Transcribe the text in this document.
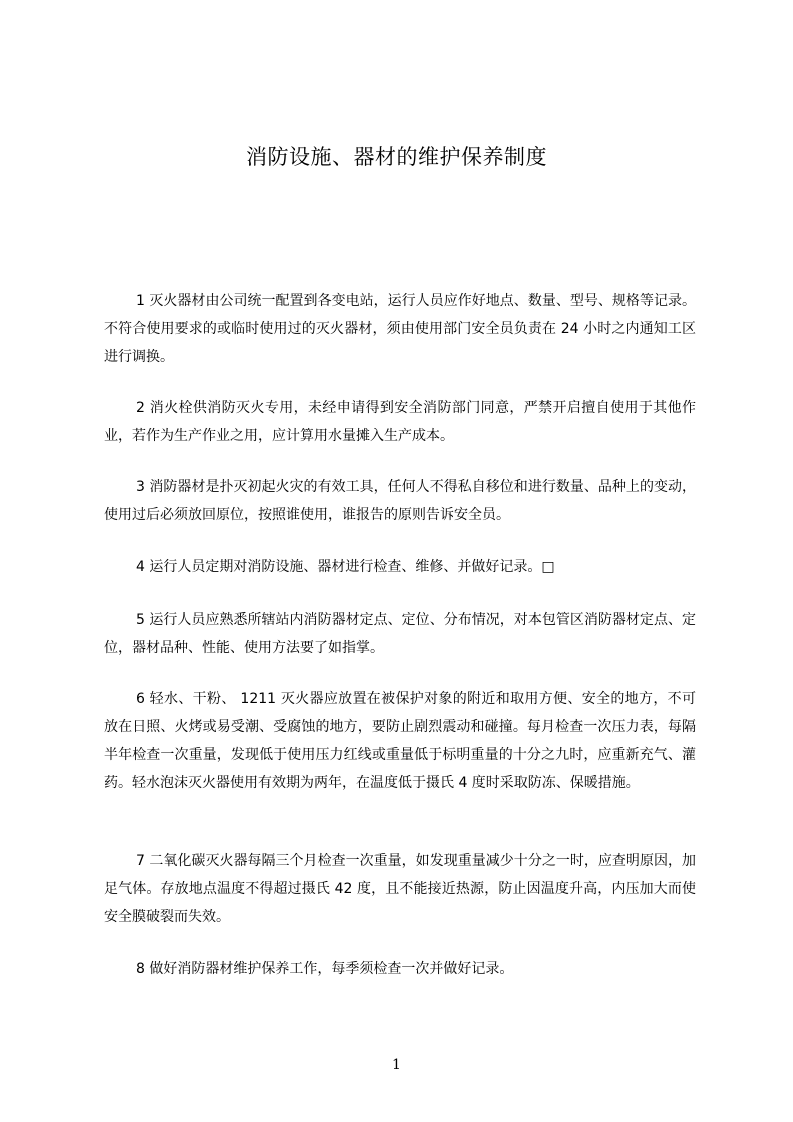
消防设施、器材的维护保养制度

1 灭火器材由公司统一配置到各变电站，运行人员应作好地点、数量、型号、规格等记录。不符合使用要求的或临时使用过的灭火器材，须由使用部门安全员负责在 24 小时之内通知工区进行调换。

2 消火栓供消防灭火专用，未经申请得到安全消防部门同意，严禁开启擅自使用于其他作业，若作为生产作业之用，应计算用水量摊入生产成本。

3 消防器材是扑灭初起火灾的有效工具，任何人不得私自移位和进行数量、品种上的变动，使用过后必须放回原位，按照谁使用，谁报告的原则告诉安全员。

4 运行人员定期对消防设施、器材进行检查、维修、并做好记录。□

5 运行人员应熟悉所辖站内消防器材定点、定位、分布情况，对本包管区消防器材定点、定位，器材品种、性能、使用方法要了如指掌。

6 轻水、干粉、 1211 灭火器应放置在被保护对象的附近和取用方便、安全的地方，不可放在日照、火烤或易受潮、受腐蚀的地方，要防止剧烈震动和碰撞。每月检查一次压力表，每隔半年检查一次重量，发现低于使用压力红线或重量低于标明重量的十分之九时，应重新充气、灌药。轻水泡沫灭火器使用有效期为两年，在温度低于摄氏 4 度时采取防冻、保暖措施。

7 二氧化碳灭火器每隔三个月检查一次重量，如发现重量减少十分之一时，应查明原因，加足气体。存放地点温度不得超过摄氏 42 度，且不能接近热源，防止因温度升高，内压加大而使安全膜破裂而失效。

8 做好消防器材维护保养工作，每季须检查一次并做好记录。

1
